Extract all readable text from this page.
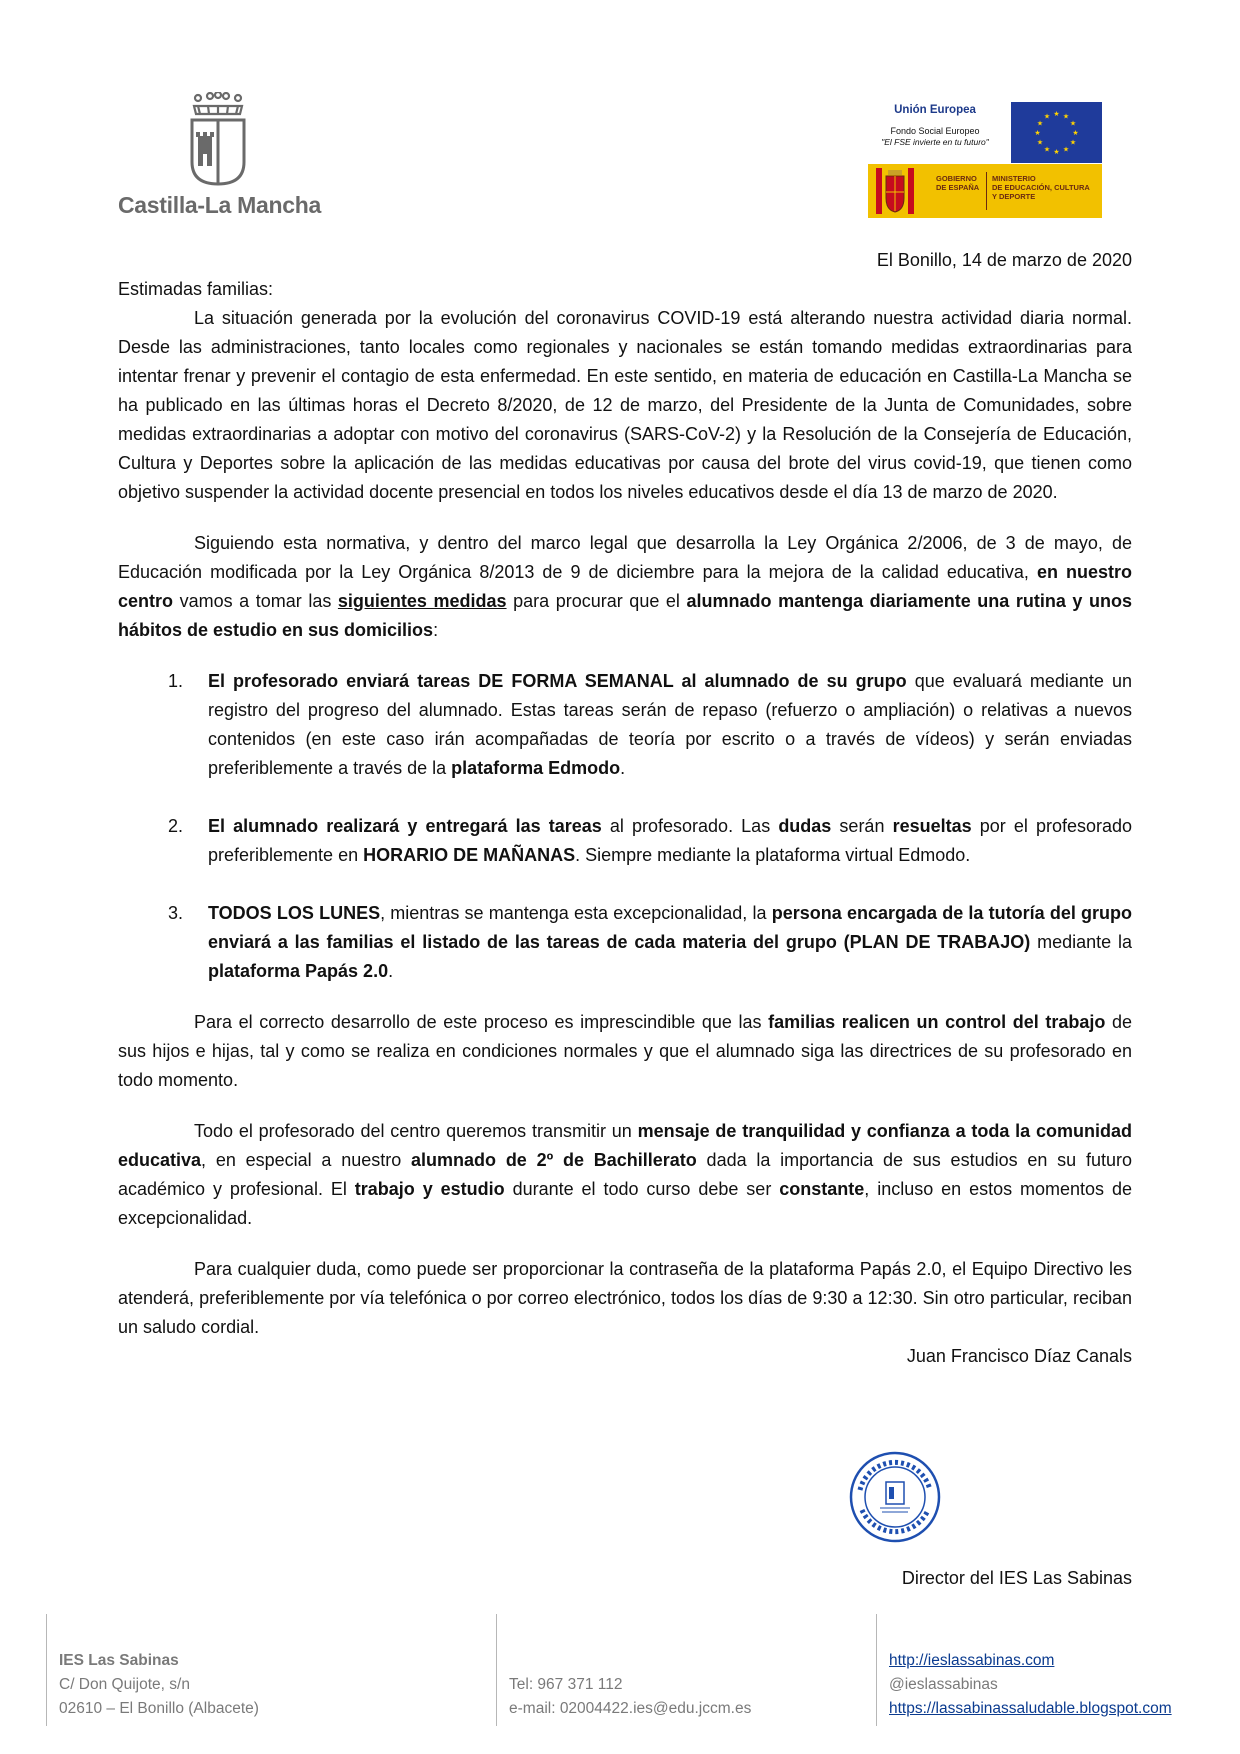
Castilla-La Mancha
Unión Europea
Fondo Social Europeo
"El FSE invierte en tu futuro"
★ ★
★
★
★
★
★
★
★
★
★
★
GOBIERNO
DE ESPAÑA
MINISTERIO
DE EDUCACIÓN, CULTURA
Y DEPORTE

El Bonillo, 14 de marzo de 2020

Estimadas familias:

La situación generada por la evolución del coronavirus COVID-19 está alterando nuestra actividad diaria normal. Desde las administraciones, tanto locales como regionales y nacionales se están tomando medidas extraordinarias para intentar frenar y prevenir el contagio de esta enfermedad. En este sentido, en materia de educación en Castilla-La Mancha se ha publicado en las últimas horas el Decreto 8/2020, de 12 de marzo, del Presidente de la Junta de Comunidades, sobre medidas extraordinarias a adoptar con motivo del coronavirus (SARS-CoV-2) y la Resolución de la Consejería de Educación, Cultura y Deportes sobre la aplicación de las medidas educativas por causa del brote del virus covid-19, que tienen como objetivo suspender la actividad docente presencial en todos los niveles educativos desde el día 13 de marzo de 2020.

Siguiendo esta normativa, y dentro del marco legal que desarrolla la Ley Orgánica 2/2006, de 3 de mayo, de Educación modificada por la Ley Orgánica 8/2013 de 9 de diciembre para la mejora de la calidad educativa, en nuestro centro vamos a tomar las siguientes medidas para procurar que el alumnado mantenga diariamente una rutina y unos hábitos de estudio en sus domicilios:

1. El profesorado enviará tareas DE FORMA SEMANAL al alumnado de su grupo que evaluará mediante un registro del progreso del alumnado. Estas tareas serán de repaso (refuerzo o ampliación) o relativas a nuevos contenidos (en este caso irán acompañadas de teoría por escrito o a través de vídeos) y serán enviadas preferiblemente a través de la plataforma Edmodo.
2. El alumnado realizará y entregará las tareas al profesorado. Las dudas serán resueltas por el profesorado preferiblemente en HORARIO DE MAÑANAS. Siempre mediante la plataforma virtual Edmodo.
3. TODOS LOS LUNES, mientras se mantenga esta excepcionalidad, la persona encargada de la tutoría del grupo enviará a las familias el listado de las tareas de cada materia del grupo (PLAN DE TRABAJO) mediante la plataforma Papás 2.0.

Para el correcto desarrollo de este proceso es imprescindible que las familias realicen un control del trabajo de sus hijos e hijas, tal y como se realiza en condiciones normales y que el alumnado siga las directrices de su profesorado en todo momento.

Todo el profesorado del centro queremos transmitir un mensaje de tranquilidad y confianza a toda la comunidad educativa, en especial a nuestro alumnado de 2º de Bachillerato dada la importancia de sus estudios en su futuro académico y profesional. El trabajo y estudio durante el todo curso debe ser constante, incluso en estos momentos de excepcionalidad.

Para cualquier duda, como puede ser proporcionar la contraseña de la plataforma Papás 2.0, el Equipo Directivo les atenderá, preferiblemente por vía telefónica o por correo electrónico, todos los días de 9:30 a 12:30. Sin otro particular, reciban un saludo cordial.

Juan Francisco Díaz Canals

Director del IES Las Sabinas
IES Las Sabinas
C/ Don Quijote, s/n
02610 – El Bonillo (Albacete)
Tel: 967 371 112
e-mail: 02004422.ies@edu.jccm.es
http://ieslassabinas.com
@ieslassabinas
https://lassabinassaludable.blogspot.com
